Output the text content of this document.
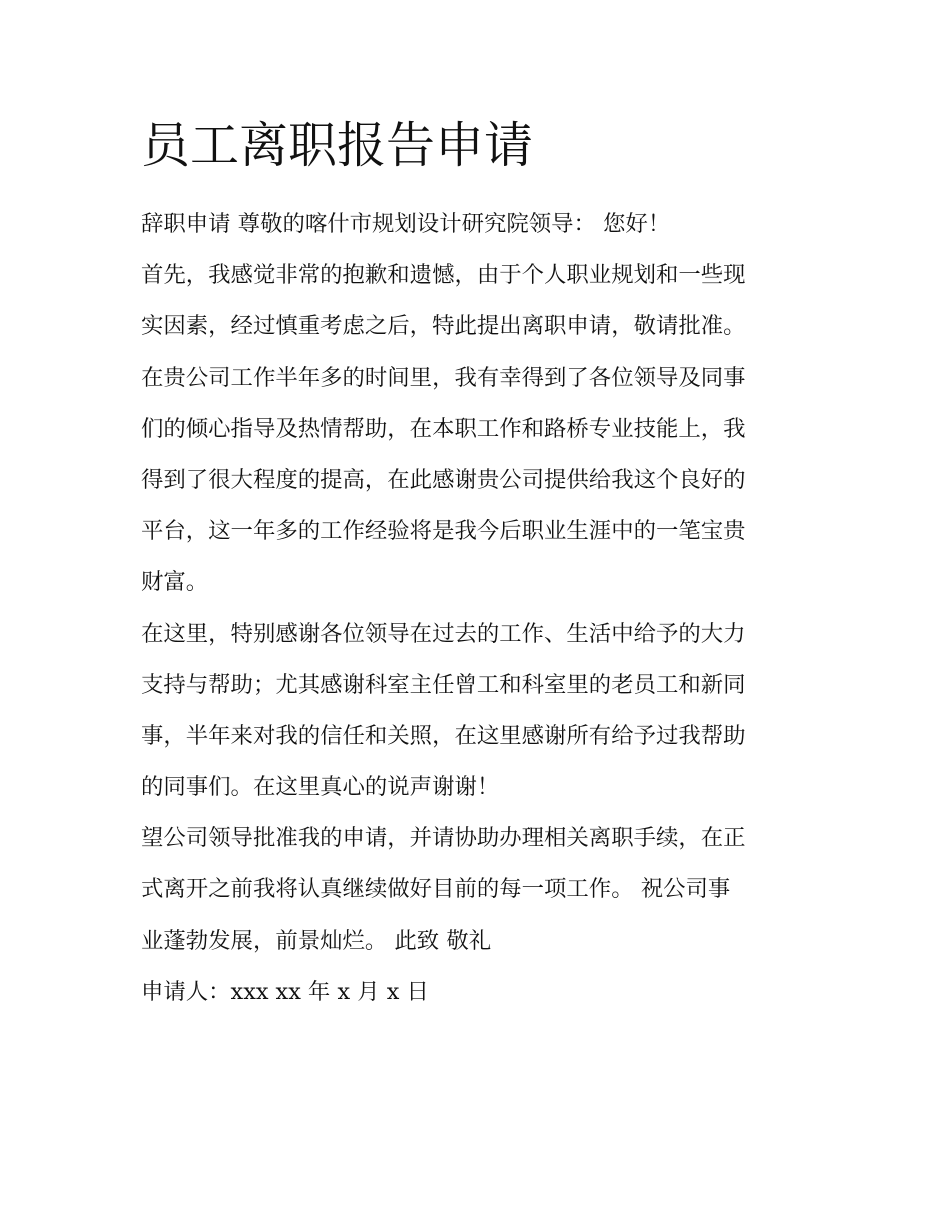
员工离职报告申请
辞职申请 尊敬的喀什市规划设计研究院领导： 您好！
首先，我感觉非常的抱歉和遗憾，由于个人职业规划和一些现
实因素，经过慎重考虑之后，特此提出离职申请，敬请批准。
在贵公司工作半年多的时间里，我有幸得到了各位领导及同事
们的倾心指导及热情帮助，在本职工作和路桥专业技能上，我
得到了很大程度的提高，在此感谢贵公司提供给我这个良好的
平台，这一年多的工作经验将是我今后职业生涯中的一笔宝贵
财富。
在这里，特别感谢各位领导在过去的工作、生活中给予的大力
支持与帮助；尤其感谢科室主任曾工和科室里的老员工和新同
事，半年来对我的信任和关照，在这里感谢所有给予过我帮助
的同事们。在这里真心的说声谢谢！
望公司领导批准我的申请，并请协助办理相关离职手续，在正
式离开之前我将认真继续做好目前的每一项工作。 祝公司事
业蓬勃发展，前景灿烂。 此致 敬礼
申请人：xxx xx 年 x 月 x 日
